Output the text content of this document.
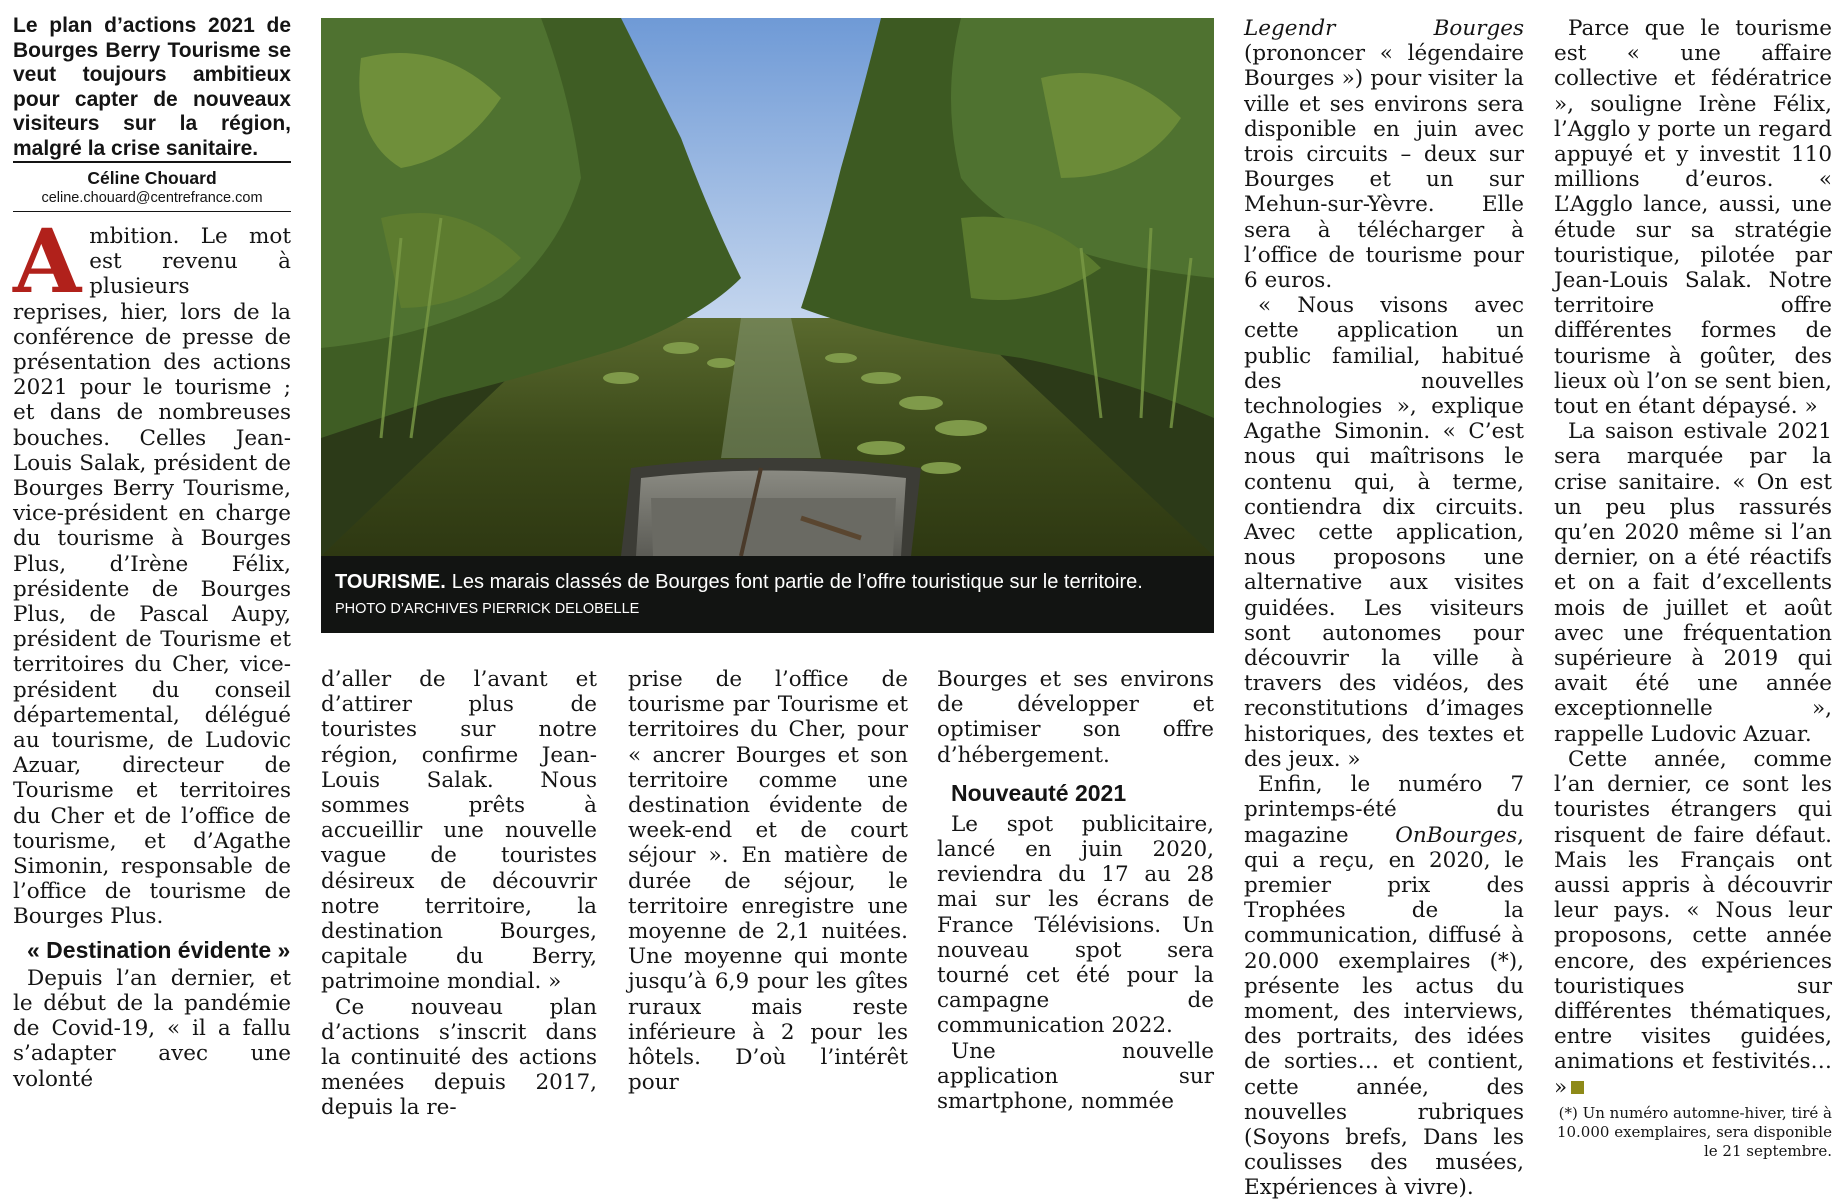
Le plan d’actions 2021 de Bourges Berry Tourisme se veut toujours ambitieux pour capter de nouveaux visiteurs sur la région, malgré la crise sanitaire.

Céline Chouard
celine.chouard@centrefrance.com

Ambition. Le mot est revenu à plusieurs reprises, hier, lors de la conférence de presse de présentation des actions 2021 pour le tourisme ; et dans de nombreuses bouches. Celles Jean-Louis Salak, président de Bourges Berry Tourisme, vice-président en charge du tourisme à Bourges Plus, d’Irène Félix, présidente de Bourges Plus, de Pascal Aupy, président de Tourisme et territoires du Cher, vice-président du conseil départemental, délégué au tourisme, de Ludovic Azuar, directeur de Tourisme et territoires du Cher et de l’office de tourisme, et d’Agathe Simonin, responsable de l’office de tourisme de Bourges Plus.

« Destination évidente »

Depuis l’an dernier, et le début de la pandémie de Covid-19, « il a fallu s’adapter avec une volonté

TOURISME. Les marais classés de Bourges font partie de l’offre touristique sur le territoire.
PHOTO D’ARCHIVES PIERRICK DELOBELLE

d’aller de l’avant et d’attirer plus de touristes sur notre région, confirme Jean-Louis Salak. Nous sommes prêts à accueillir une nouvelle vague de touristes désireux de découvrir notre territoire, la destination Bourges, capitale du Berry, patrimoine mondial. »

Ce nouveau plan d’actions s’inscrit dans la continuité des actions menées depuis 2017, depuis la re-

prise de l’office de tourisme par Tourisme et territoires du Cher, pour « ancrer Bourges et son territoire comme une destination évidente de week-end et de court séjour ». En matière de durée de séjour, le territoire enregistre une moyenne de 2,1 nuitées. Une moyenne qui monte jusqu’à 6,9 pour les gîtes ruraux mais reste inférieure à 2 pour les hôtels. D’où l’intérêt pour

Bourges et ses environs de développer et optimiser son offre d’hébergement.

Nouveauté 2021

Le spot publicitaire, lancé en juin 2020, reviendra du 17 au 28 mai sur les écrans de France Télévisions. Un nouveau spot sera tourné cet été pour la campagne de communication 2022.

Une nouvelle application sur smartphone, nommée

Legendr Bourges (prononcer « légendaire Bourges ») pour visiter la ville et ses environs sera disponible en juin avec trois circuits – deux sur Bourges et un sur Mehun-sur-Yèvre. Elle sera à télécharger à l’office de tourisme pour 6 euros.

« Nous visons avec cette application un public familial, habitué des nouvelles technologies », explique Agathe Simonin. « C’est nous qui maîtrisons le contenu qui, à terme, contiendra dix circuits. Avec cette application, nous proposons une alternative aux visites guidées. Les visiteurs sont autonomes pour découvrir la ville à travers des vidéos, des reconstitutions d’images historiques, des textes et des jeux. »

Enfin, le numéro 7 printemps-été du magazine OnBourges, qui a reçu, en 2020, le premier prix des Trophées de la communication, diffusé à 20.000 exemplaires (*), présente les actus du moment, des interviews, des portraits, des idées de sorties… et contient, cette année, des nouvelles rubriques (Soyons brefs, Dans les coulisses des musées, Expériences à vivre).

Parce que le tourisme est « une affaire collective et fédératrice », souligne Irène Félix, l’Agglo y porte un regard appuyé et y investit 110 millions d’euros. « L’Agglo lance, aussi, une étude sur sa stratégie touristique, pilotée par Jean-Louis Salak. Notre territoire offre différentes formes de tourisme à goûter, des lieux où l’on se sent bien, tout en étant dépaysé. »

La saison estivale 2021 sera marquée par la crise sanitaire. « On est un peu plus rassurés qu’en 2020 même si l’an dernier, on a été réactifs et on a fait d’excellents mois de juillet et août avec une fréquentation supérieure à 2019 qui avait été une année exceptionnelle », rappelle Ludovic Azuar.

Cette année, comme l’an dernier, ce sont les touristes étrangers qui risquent de faire défaut. Mais les Français ont aussi appris à découvrir leur pays. « Nous leur proposons, cette année encore, des expériences touristiques sur différentes thématiques, entre visites guidées, animations et festivités… »

(*) Un numéro automne-hiver, tiré à 10.000 exemplaires, sera disponible le 21 septembre.
